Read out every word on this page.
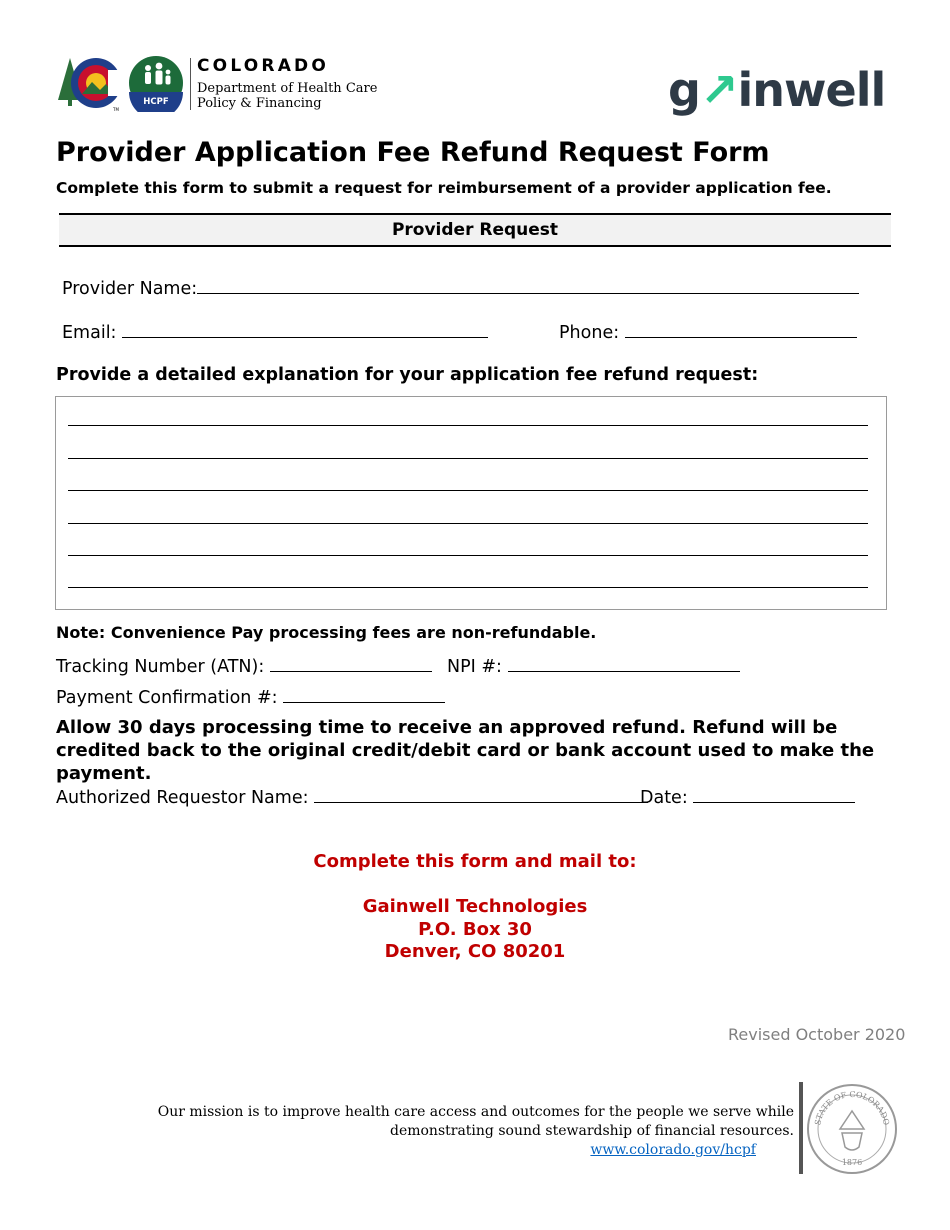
HCPF
TM
COLORADO
Department of Health Care
Policy & Financing	g↗inwell
Provider Application Fee Refund Request Form
Complete this form to submit a request for reimbursement of a provider application fee.
Provider Request
Provider Name:
Email:	Phone:
Provide a detailed explanation for your application fee refund request:
Note: Convenience Pay processing fees are non-refundable.
Tracking Number (ATN):	NPI #:
Payment Confirmation #:
Allow 30 days processing time to receive an approved refund. Refund will be credited back to the original credit/debit card or bank account used to make the payment.
Authorized Requestor Name:	Date:
Complete this form and mail to:
Gainwell Technologies
P.O. Box 30
Denver, CO 80201
Revised October 2020
Our mission is to improve health care access and outcomes for the people we serve while
demonstrating sound stewardship of financial resources.
www.colorado.gov/hcpf
STATE OF COLORADO
1876
